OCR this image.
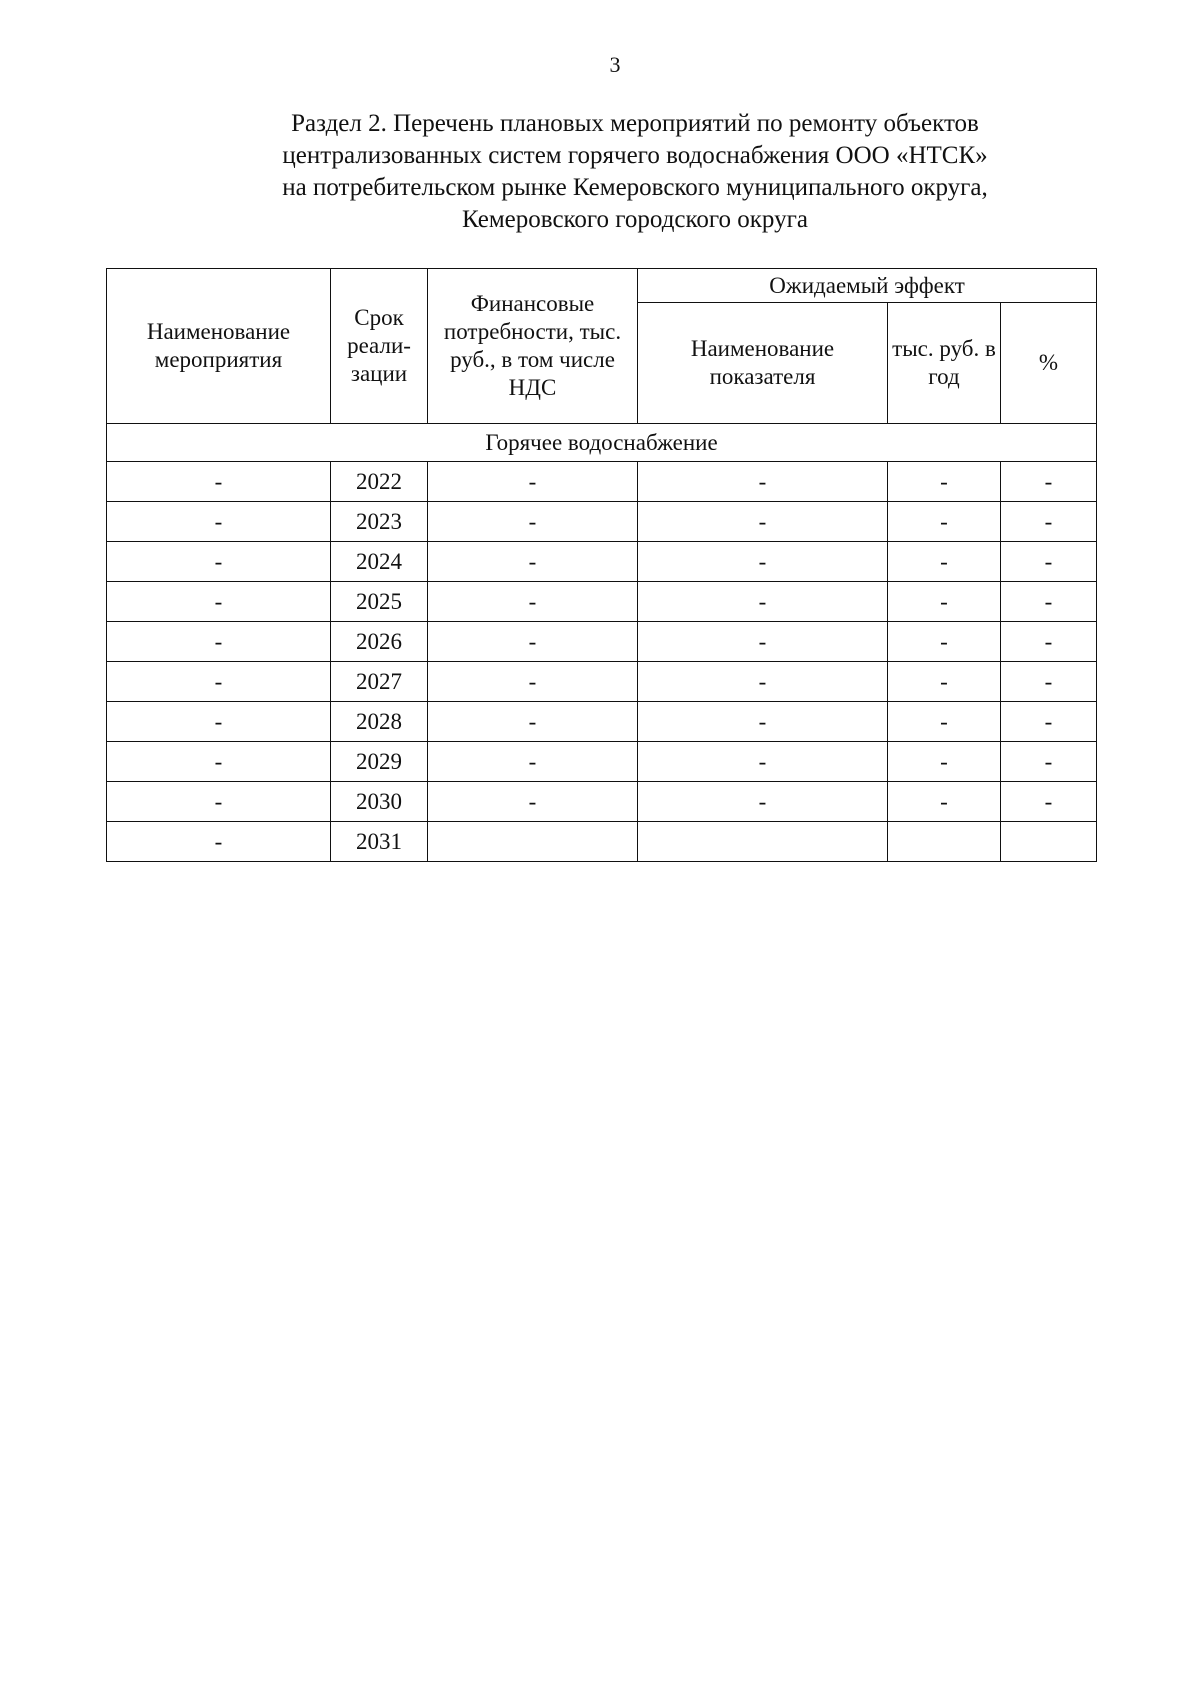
3
Раздел 2. Перечень плановых мероприятий по ремонту объектов
централизованных систем горячего водоснабжения ООО «НТСК»
на потребительском рынке Кемеровского муниципального округа,
Кемеровского городского округа
Наименование мероприятия	Срок реали-зации	Финансовые потребности, тыс. руб., в том числе НДС	Ожидаемый эффект		
			Наименование показателя	тыс. руб. в год	%
Горячее водоснабжение					
-	2022	-	-	-	-
-	2023	-	-	-	-
-	2024	-	-	-	-
-	2025	-	-	-	-
-	2026	-	-	-	-
-	2027	-	-	-	-
-	2028	-	-	-	-
-	2029	-	-	-	-
-	2030	-	-	-	-
-	2031				
